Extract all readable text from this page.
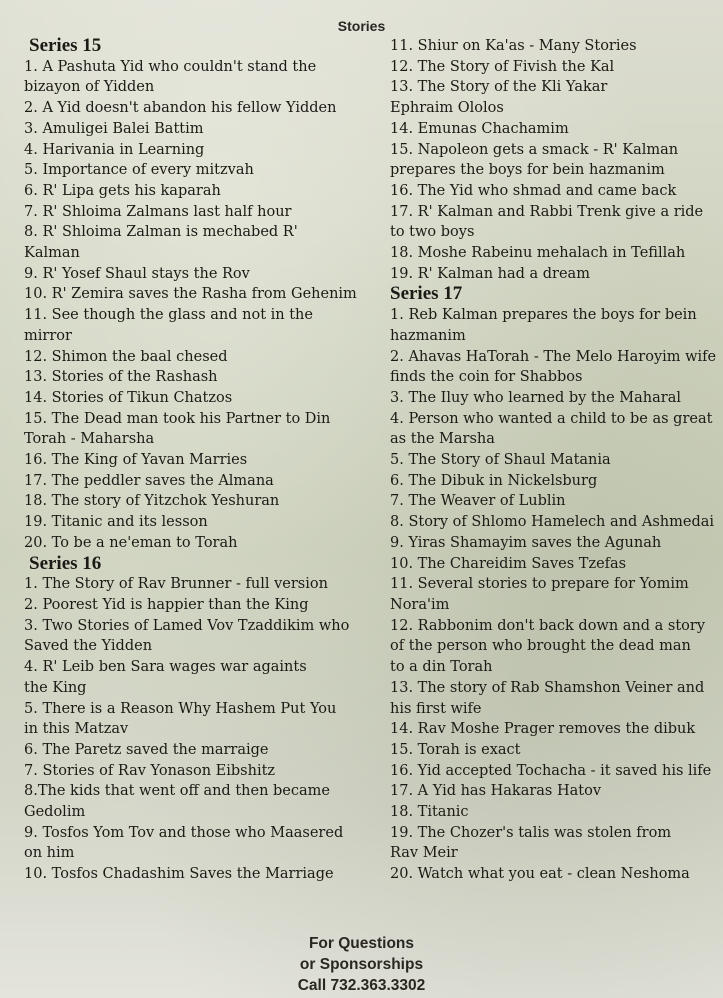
Stories
Series 15
1. A Pashuta Yid who couldn't stand the
bizayon of Yidden
2. A Yid doesn't abandon his fellow Yidden
3. Amuligei Balei Battim
4. Harivania in Learning
5. Importance of every mitzvah
6. R' Lipa gets his kaparah
7. R' Shloima Zalmans last half hour
8. R' Shloima Zalman is mechabed R'
Kalman
9. R' Yosef Shaul stays the Rov
10. R' Zemira saves the Rasha from Gehenim
11. See though the glass and not in the
mirror
12. Shimon the baal chesed
13. Stories of the Rashash
14. Stories of Tikun Chatzos
15. The Dead man took his Partner to Din
Torah - Maharsha
16. The King of Yavan Marries
17. The peddler saves the Almana
18. The story of Yitzchok Yeshuran
19. Titanic and its lesson
20. To be a ne'eman to Torah
Series 16
1. The Story of Rav Brunner - full version
2. Poorest Yid is happier than the King
3. Two Stories of Lamed Vov Tzaddikim who
Saved the Yidden
4. R' Leib ben Sara wages war againts
the King
5. There is a Reason Why Hashem Put You
in this Matzav
6. The Paretz saved the marraige
7. Stories of Rav Yonason Eibshitz
8.The kids that went off and then became
Gedolim
9. Tosfos Yom Tov and those who Maasered
on him
10. Tosfos Chadashim Saves the Marriage
11. Shiur on Ka'as - Many Stories
12. The Story of Fivish the Kal
13. The Story of the Kli Yakar
Ephraim Ololos
14. Emunas Chachamim
15. Napoleon gets a smack - R' Kalman
prepares the boys for bein hazmanim
16. The Yid who shmad and came back
17. R' Kalman and Rabbi Trenk give a ride
to two boys
18. Moshe Rabeinu mehalach in Tefillah
19. R' Kalman had a dream
Series 17
1. Reb Kalman prepares the boys for bein
hazmanim
2. Ahavas HaTorah - The Melo Haroyim wife
finds the coin for Shabbos
3. The Iluy who learned by the Maharal
4. Person who wanted a child to be as great
as the Marsha
5. The Story of Shaul Matania
6. The Dibuk in Nickelsburg
7. The Weaver of Lublin
8. Story of Shlomo Hamelech and Ashmedai
9. Yiras Shamayim saves the Agunah
10. The Chareidim Saves Tzefas
11. Several stories to prepare for Yomim
Nora'im
12. Rabbonim don't back down and a story
of the person who brought the dead man
to a din Torah
13. The story of Rab Shamshon Veiner and
his first wife
14. Rav Moshe Prager removes the dibuk
15. Torah is exact
16. Yid accepted Tochacha - it saved his life
17. A Yid has Hakaras Hatov
18. Titanic
19. The Chozer's talis was stolen from
Rav Meir
20. Watch what you eat - clean Neshoma
For Questions
or Sponsorships
Call 732.363.3302
